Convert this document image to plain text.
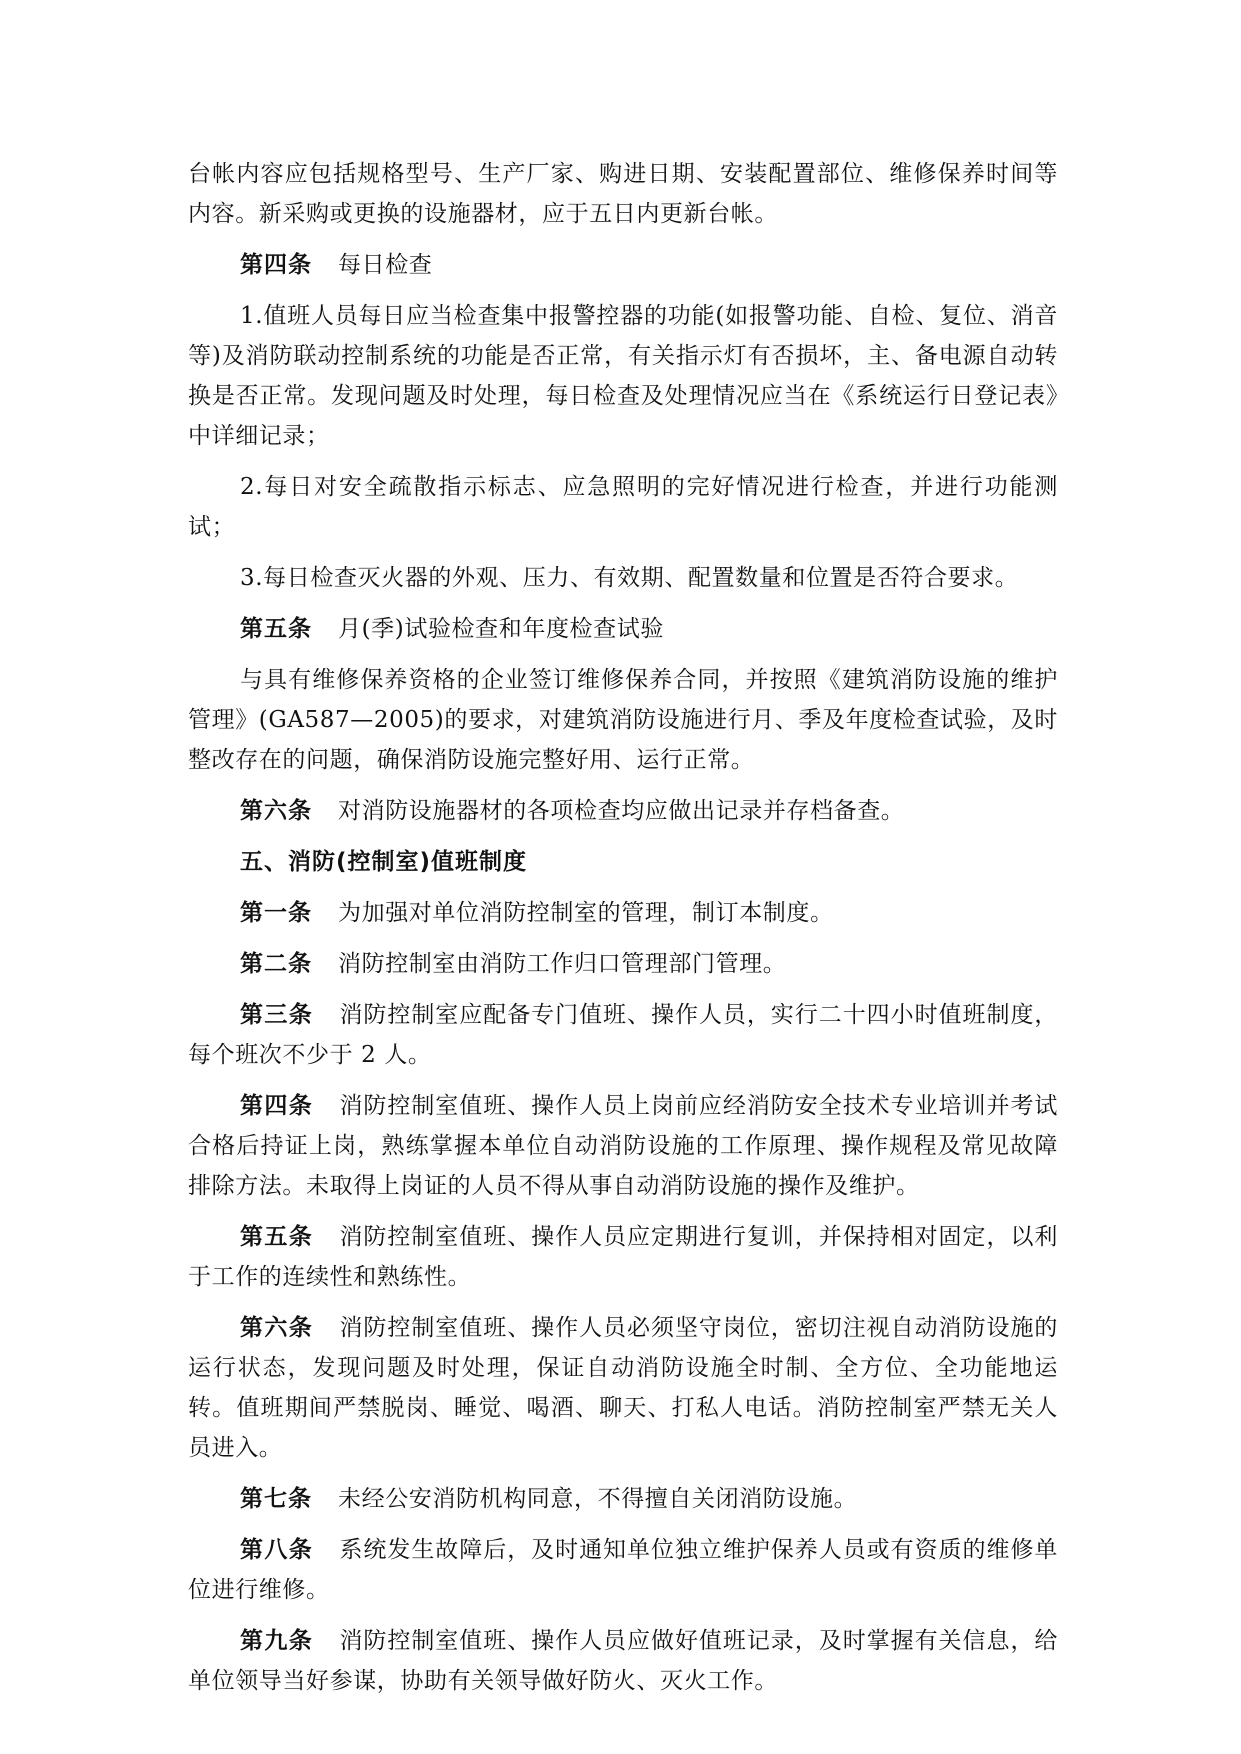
台帐内容应包括规格型号、生产厂家、购进日期、安装配置部位、维修保养时间等内容。新采购或更换的设施器材，应于五日内更新台帐。

第四条 每日检查

1.值班人员每日应当检查集中报警控器的功能(如报警功能、自检、复位、消音等)及消防联动控制系统的功能是否正常，有关指示灯有否损坏，主、备电源自动转换是否正常。发现问题及时处理，每日检查及处理情况应当在《系统运行日登记表》中详细记录；

2.每日对安全疏散指示标志、应急照明的完好情况进行检查，并进行功能测试；

3.每日检查灭火器的外观、压力、有效期、配置数量和位置是否符合要求。

第五条 月(季)试验检查和年度检查试验

与具有维修保养资格的企业签订维修保养合同，并按照《建筑消防设施的维护管理》(GA587—2005)的要求，对建筑消防设施进行月、季及年度检查试验，及时整改存在的问题，确保消防设施完整好用、运行正常。

第六条 对消防设施器材的各项检查均应做出记录并存档备查。

五、消防(控制室)值班制度

第一条 为加强对单位消防控制室的管理，制订本制度。

第二条 消防控制室由消防工作归口管理部门管理。

第三条 消防控制室应配备专门值班、操作人员，实行二十四小时值班制度，每个班次不少于 2 人。

第四条 消防控制室值班、操作人员上岗前应经消防安全技术专业培训并考试合格后持证上岗，熟练掌握本单位自动消防设施的工作原理、操作规程及常见故障排除方法。未取得上岗证的人员不得从事自动消防设施的操作及维护。

第五条 消防控制室值班、操作人员应定期进行复训，并保持相对固定，以利于工作的连续性和熟练性。

第六条 消防控制室值班、操作人员必须坚守岗位，密切注视自动消防设施的运行状态，发现问题及时处理，保证自动消防设施全时制、全方位、全功能地运转。值班期间严禁脱岗、睡觉、喝酒、聊天、打私人电话。消防控制室严禁无关人员进入。

第七条 未经公安消防机构同意，不得擅自关闭消防设施。

第八条 系统发生故障后，及时通知单位独立维护保养人员或有资质的维修单位进行维修。

第九条 消防控制室值班、操作人员应做好值班记录，及时掌握有关信息，给单位领导当好参谋，协助有关领导做好防火、灭火工作。
